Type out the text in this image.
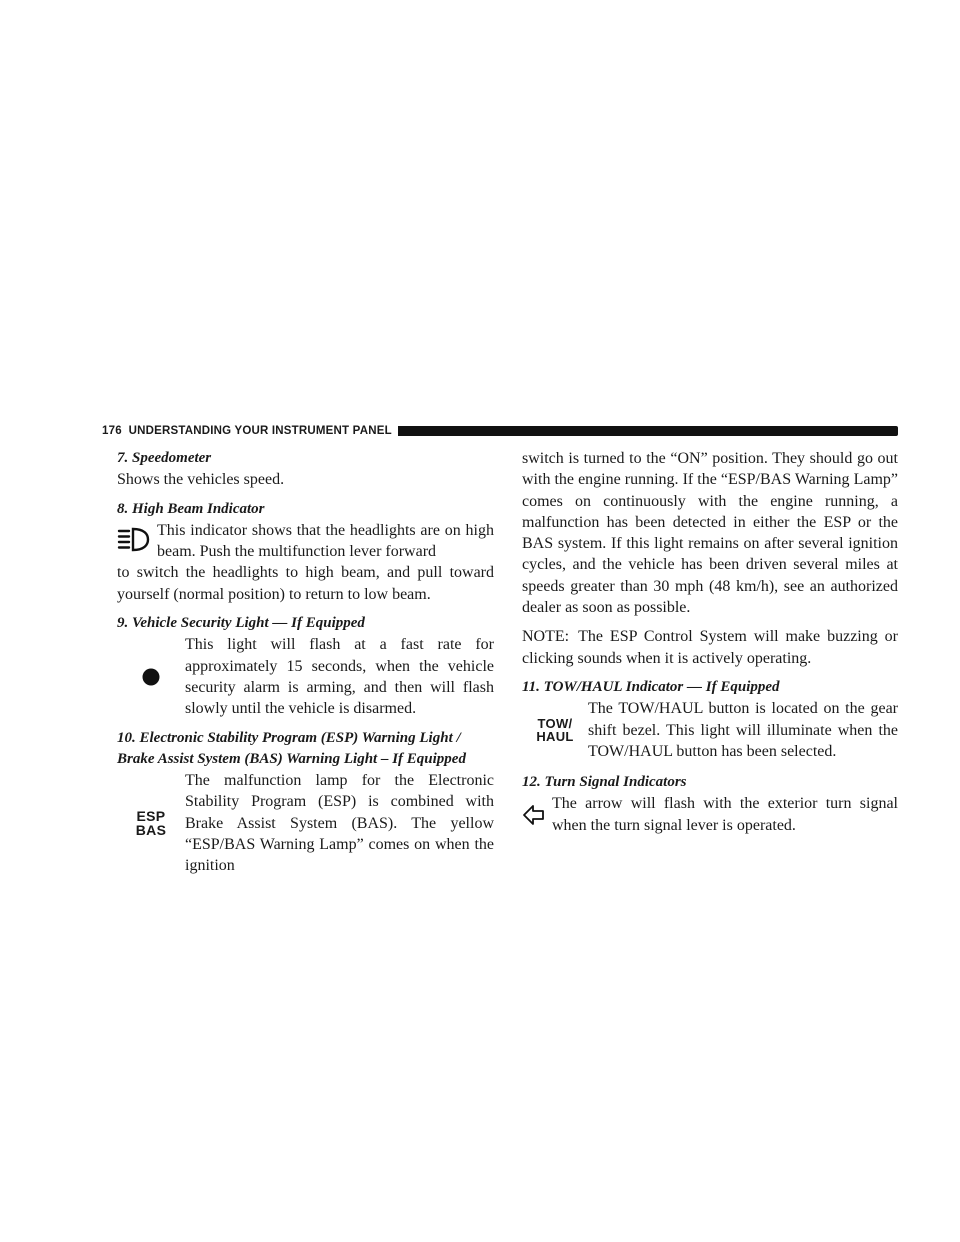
176 UNDERSTANDING YOUR INSTRUMENT PANEL

7. Speedometer

Shows the vehicles speed.

8. High Beam Indicator

This indicator shows that the headlights are on high beam. Push the multifunction lever forward

to switch the headlights to high beam, and pull toward yourself (normal position) to return to low beam.

9. Vehicle Security Light — If Equipped

This light will flash at a fast rate for approximately 15 seconds, when the vehicle security alarm is arming, and then will flash slowly until the vehicle is disarmed.

10. Electronic Stability Program (ESP) Warning Light /

Brake Assist System (BAS) Warning Light – If Equipped

ESP
BAS
The malfunction lamp for the Electronic Stability Program (ESP) is combined with Brake Assist System (BAS). The yellow “ESP/BAS Warning Lamp” comes on when the ignition

switch is turned to the “ON” position. They should go out with the engine running. If the “ESP/BAS Warning Lamp” comes on continuously with the engine running, a malfunction has been detected in either the ESP or the BAS system. If this light remains on after several ignition cycles, and the vehicle has been driven several miles at speeds greater than 30 mph (48 km/h), see an authorized dealer as soon as possible.

NOTE: The ESP Control System will make buzzing or clicking sounds when it is actively operating.

11. TOW/HAUL Indicator — If Equipped

TOW/
HAUL
The TOW/HAUL button is located on the gear shift bezel. This light will illuminate when the TOW/HAUL button has been selected.

12. Turn Signal Indicators

The arrow will flash with the exterior turn signal when the turn signal lever is operated.
